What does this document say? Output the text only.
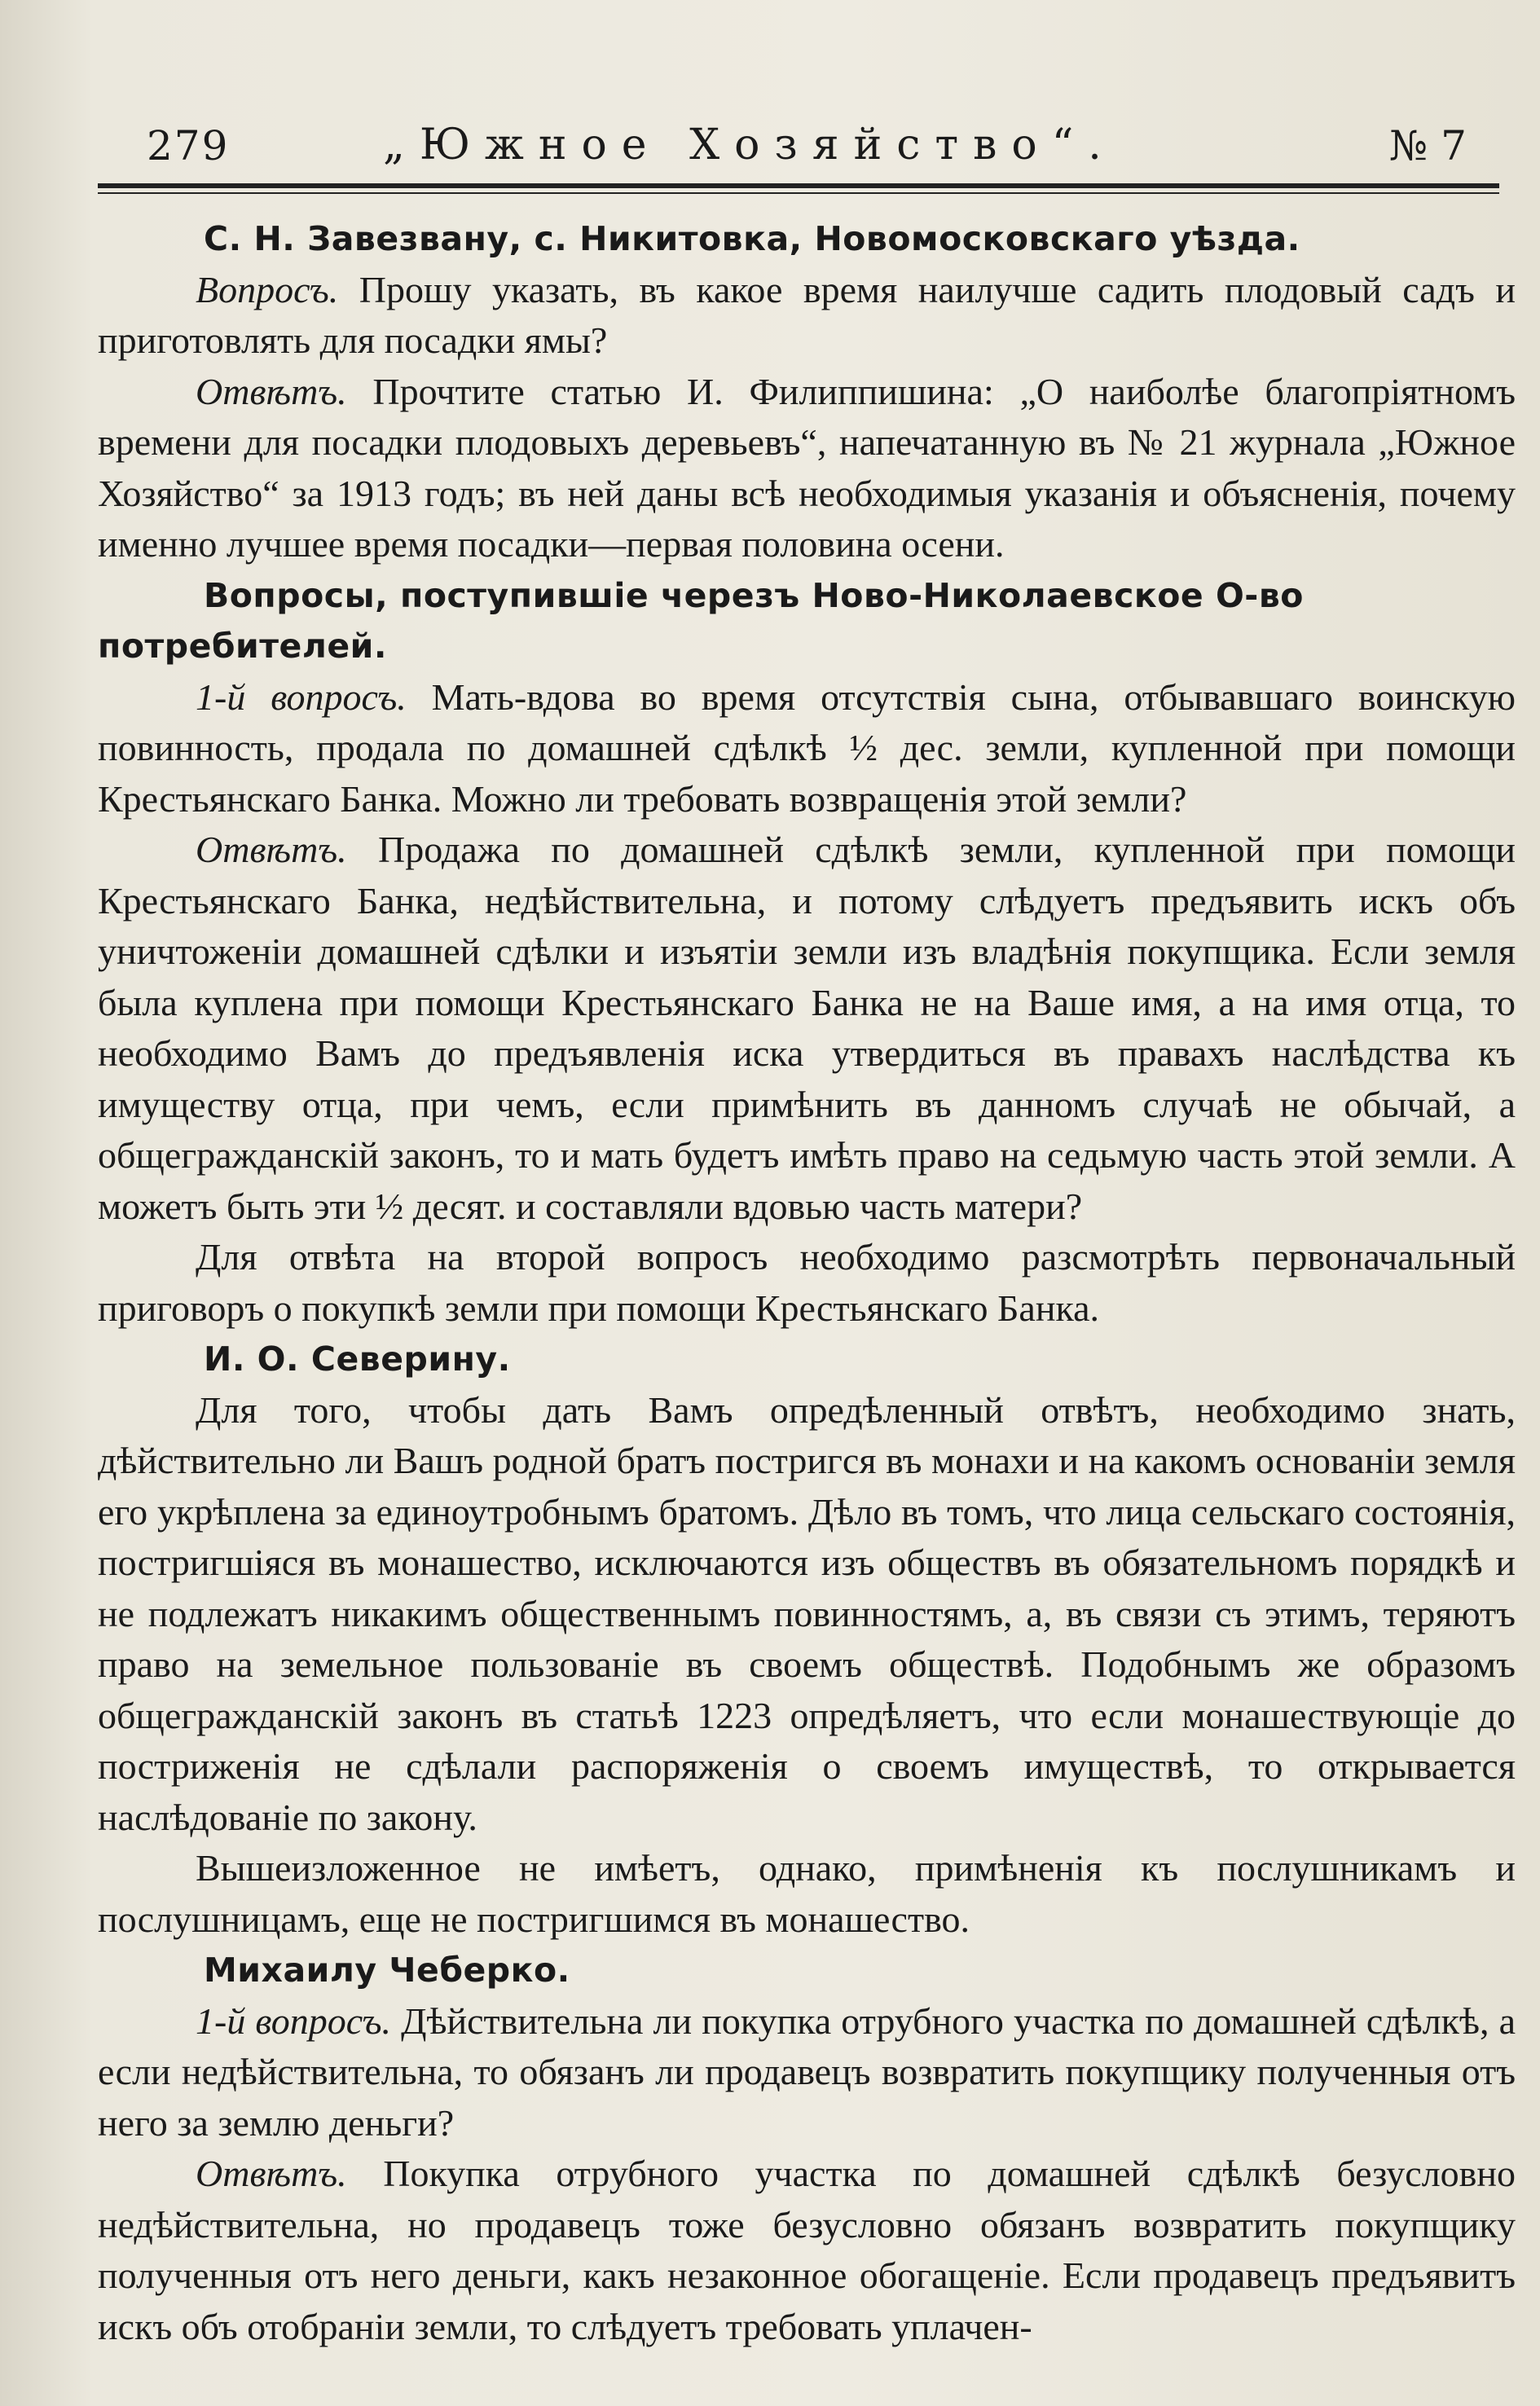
279	„Южное Хозяйство“.	№ 7

С. Н. Завезвану, с. Никитовка, Новомосковскаго уѣзда.

Вопросъ. Прошу указать, въ какое время наилучше садить плодовый садъ и приготовлять для посадки ямы?

Отвѣтъ. Прочтите статью И. Филиппишина: „О наиболѣе благопріятномъ времени для посадки плодовыхъ деревьевъ“, напечатанную въ № 21 журнала „Южное Хозяйство“ за 1913 годъ; въ ней даны всѣ необходимыя указанія и объясненія, почему именно лучшее время посадки—первая половина осени.

Вопросы, поступившіе черезъ Ново-Николаевское О-во потребителей.

1-й вопросъ. Мать-вдова во время отсутствія сына, отбывавшаго воинскую повинность, продала по домашней сдѣлкѣ ½ дес. земли, купленной при помощи Крестьянскаго Банка. Можно ли требовать возвращенія этой земли?

Отвѣтъ. Продажа по домашней сдѣлкѣ земли, купленной при помощи Крестьянскаго Банка, недѣйствительна, и потому слѣдуетъ предъявить искъ объ уничтоженіи домашней сдѣлки и изъятіи земли изъ владѣнія покупщика. Если земля была куплена при помощи Крестьянскаго Банка не на Ваше имя, а на имя отца, то необходимо Вамъ до предъявленія иска утвердиться въ правахъ наслѣдства къ имуществу отца, при чемъ, если примѣнить въ данномъ случаѣ не обычай, а общегражданскій законъ, то и мать будетъ имѣть право на седьмую часть этой земли. А можетъ быть эти ½ десят. и составляли вдовью часть матери?

Для отвѣта на второй вопросъ необходимо разсмотрѣть первоначальный приговоръ о покупкѣ земли при помощи Крестьянскаго Банка.

И. О. Северину.

Для того, чтобы дать Вамъ опредѣленный отвѣтъ, необходимо знать, дѣйствительно ли Вашъ родной братъ постригся въ монахи и на какомъ основаніи земля его укрѣплена за единоутробнымъ братомъ. Дѣло въ томъ, что лица сельскаго состоянія, постригшіяся въ монашество, исключаются изъ обществъ въ обязательномъ порядкѣ и не подлежатъ никакимъ общественнымъ повинностямъ, а, въ связи съ этимъ, теряютъ право на земельное пользованіе въ своемъ обществѣ. Подобнымъ же образомъ общегражданскій законъ въ статьѣ 1223 опредѣляетъ, что если монашествующіе до постриженія не сдѣлали распоряженія о своемъ имуществѣ, то открывается наслѣдованіе по закону.

Вышеизложенное не имѣетъ, однако, примѣненія къ послушникамъ и послушницамъ, еще не постригшимся въ монашество.

Михаилу Чеберко.

1-й вопросъ. Дѣйствительна ли покупка отрубного участка по домашней сдѣлкѣ, а если недѣйствительна, то обязанъ ли продавецъ возвратить покупщику полученныя отъ него за землю деньги?

Отвѣтъ. Покупка отрубного участка по домашней сдѣлкѣ безусловно недѣйствительна, но продавецъ тоже безусловно обязанъ возвратить покупщику полученныя отъ него деньги, какъ незаконное обогащеніе. Если продавецъ предъявитъ искъ объ отобраніи земли, то слѣдуетъ требовать уплачен-
